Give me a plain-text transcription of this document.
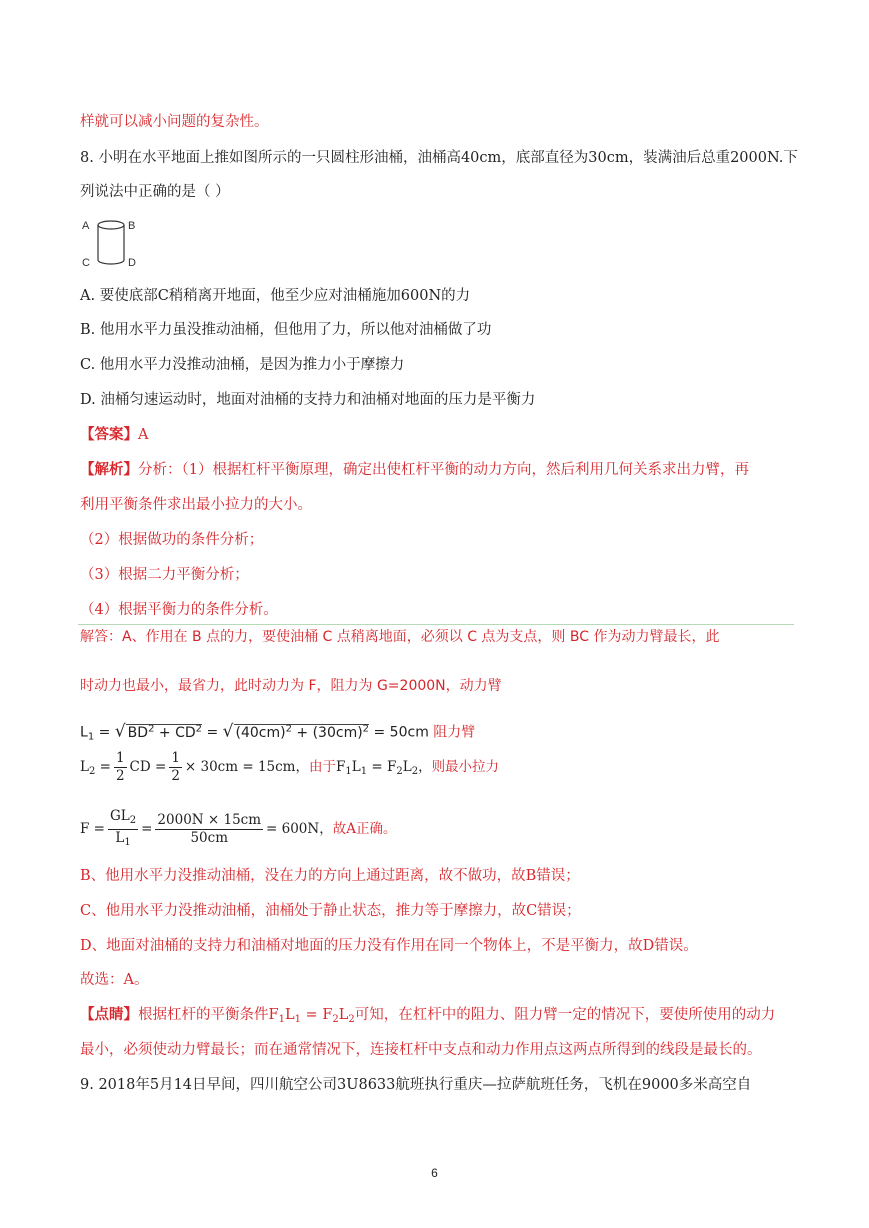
样就可以减小问题的复杂性。
8. 小明在水平地面上推如图所示的一只圆柱形油桶，油桶高40cm，底部直径为30cm，装满油后总重2000N.下
列说法中正确的是（ ）
A	B
C	D
A. 要使底部C稍稍离开地面，他至少应对油桶施加600N的力
B. 他用水平力虽没推动油桶，但他用了力，所以他对油桶做了功
C. 他用水平力没推动油桶，是因为推力小于摩擦力
D. 油桶匀速运动时，地面对油桶的支持力和油桶对地面的压力是平衡力
【答案】A
【解析】分析：（1）根据杠杆平衡原理，确定出使杠杆平衡的动力方向，然后利用几何关系求出力臂，再
利用平衡条件求出最小拉力的大小。
（2）根据做功的条件分析；
（3）根据二力平衡分析；
（4）根据平衡力的条件分析。
解答：A、作用在 B 点的力，要使油桶 C 点稍离地面，必须以 C 点为支点，则 BC 作为动力臂最长，此
时动力也最小，最省力，此时动力为 F，阻力为 G=2000N，动力臂
$L_1$ = √ $BD^2 + CD^2$ = √ $(40cm)^2 + (30cm)^2 = 50cm$ 阻力臂
$L_2 = \frac{1}{2}$ CD = $\frac{1}{2} \times 30cm = 15cm$，由于$F_1L_1 = F_2L_2$，则最小拉力
$F = \frac{GL_2}{L_1} = \frac{2000N \times 15cm}{50cm} = 600N$，故A正确。
B、他用水平力没推动油桶，没在力的方向上通过距离，故不做功，故B错误；
C、他用水平力没推动油桶，油桶处于静止状态，推力等于摩擦力，故C错误；
D、地面对油桶的支持力和油桶对地面的压力没有作用在同一个物体上，不是平衡力，故D错误。
故选：A。
【点睛】根据杠杆的平衡条件$F_1L_1 = F_2L_2$可知，在杠杆中的阻力、阻力臂一定的情况下，要使所使用的动力
最小，必须使动力臂最长；而在通常情况下，连接杠杆中支点和动力作用点这两点所得到的线段是最长的。
9. 2018年5月14日早间，四川航空公司3U8633航班执行重庆—拉萨航班任务，飞机在9000多米高空自
6
